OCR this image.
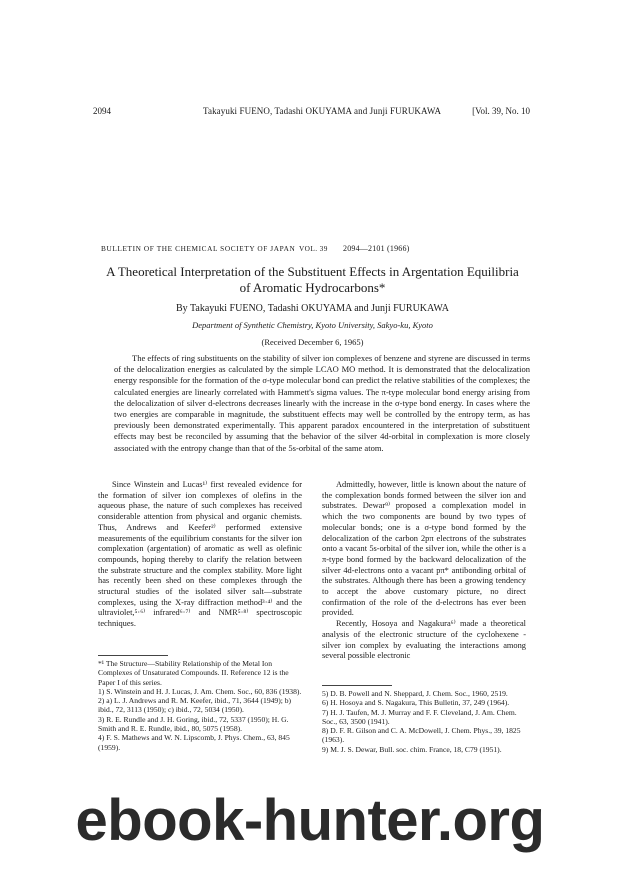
2094	Takayuki FUENO, Tadashi OKUYAMA and Junji FURUKAWA	[Vol. 39, No. 10
BULLETIN OF THE CHEMICAL SOCIETY OF JAPAN VOL. 39 2094—2101 (1966)
A Theoretical Interpretation of the Substituent Effects in Argentation Equilibria of Aromatic Hydrocarbons*
By Takayuki FUENO, Tadashi OKUYAMA and Junji FURUKAWA
Department of Synthetic Chemistry, Kyoto University, Sakyo-ku, Kyoto
(Received December 6, 1965)

The effects of ring substituents on the stability of silver ion complexes of benzene and styrene are discussed in terms of the delocalization energies as calculated by the simple LCAO MO method. It is demonstrated that the delocalization energy responsible for the formation of the σ-type molecular bond can predict the relative stabilities of the complexes; the calculated energies are linearly correlated with Hammett's sigma values. The π-type molecular bond energy arising from the delocalization of silver d-electrons decreases linearly with the increase in the σ-type bond energy. In cases where the two energies are comparable in magnitude, the substituent effects may well be controlled by the entropy term, as has previously been demonstrated experimentally. This apparent paradox encountered in the interpretation of substituent effects may best be reconciled by assuming that the behavior of the silver 4d-orbital in complexation is more closely associated with the entropy change than that of the 5s-orbital of the same atom.

Since Winstein and Lucas¹⁾ first revealed evidence for the formation of silver ion complexes of olefins in the aqueous phase, the nature of such complexes has received considerable attention from physical and organic chemists. Thus, Andrews and Keefer²⁾ performed extensive measurements of the equilibrium constants for the silver ion complexation (argentation) of aromatic as well as olefinic compounds, hoping thereby to clarify the relation between the substrate structure and the complex stability. More light has recently been shed on these complexes through the structural studies of the isolated silver salt—substrate complexes, using the X-ray diffraction method³·⁴⁾ and the ultraviolet,⁵·⁶⁾ infrared⁶·⁷⁾ and NMR⁵·⁸⁾ spectroscopic techniques.

Admittedly, however, little is known about the nature of the complexation bonds formed between the silver ion and substrates. Dewar⁹⁾ proposed a complexation model in which the two components are bound by two types of molecular bonds; one is a σ-type bond formed by the delocalization of the carbon 2pπ electrons of the substrates onto a vacant 5s-orbital of the silver ion, while the other is a π-type bond formed by the backward delocalization of the silver 4d-electrons onto a vacant pπ* antibonding orbital of the substrates. Although there has been a growing tendency to accept the above customary picture, no direct confirmation of the role of the d-electrons has ever been provided.

Recently, Hosoya and Nagakura⁶⁾ made a theoretical analysis of the electronic structure of the cyclohexene - silver ion complex by evaluating the interactions among several possible electronic

*¹ The Structure—Stability Relationship of the Metal Ion Complexes of Unsaturated Compounds. II. Reference 12 is the Paper I of this series.
1) S. Winstein and H. J. Lucas, J. Am. Chem. Soc., 60, 836 (1938).
2) a) L. J. Andrews and R. M. Keefer, ibid., 71, 3644 (1949); b) ibid., 72, 3113 (1950); c) ibid., 72, 5034 (1950).
3) R. E. Rundle and J. H. Goring, ibid., 72, 5337 (1950); H. G. Smith and R. E. Rundle, ibid., 80, 5075 (1958).
4) F. S. Mathews and W. N. Lipscomb, J. Phys. Chem., 63, 845 (1959).
5) D. B. Powell and N. Sheppard, J. Chem. Soc., 1960, 2519.
6) H. Hosoya and S. Nagakura, This Bulletin, 37, 249 (1964).
7) H. J. Taufen, M. J. Murray and F. F. Cleveland, J. Am. Chem. Soc., 63, 3500 (1941).
8) D. F. R. Gilson and C. A. McDowell, J. Chem. Phys., 39, 1825 (1963).
9) M. J. S. Dewar, Bull. soc. chim. France, 18, C79 (1951).
ebook-hunter.org
